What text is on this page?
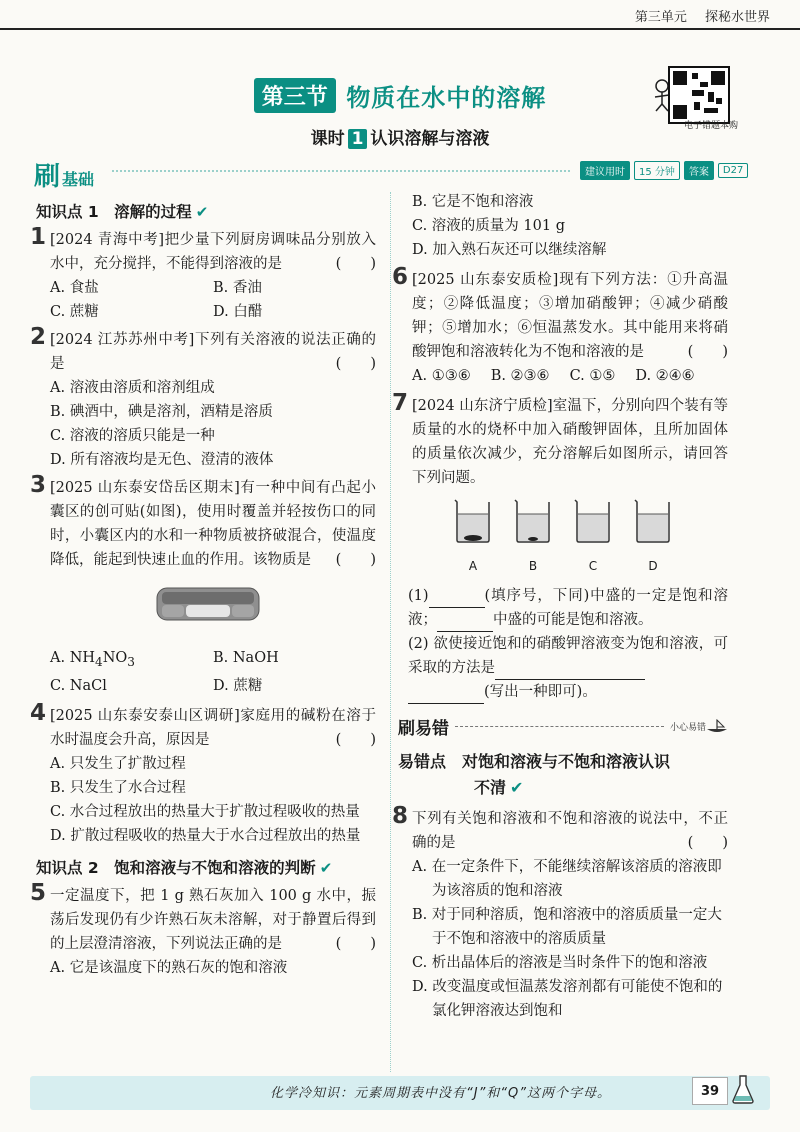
第三单元 探秘水世界
第三节 物质在水中的溶解
电子错题本购
课时 1 认识溶解与溶液
刷基础	建议用时	15 分钟	答案	D27
知识点 1　溶解的过程 ✔
1 [2024 青海中考]把少量下列厨房调味品分别放入水中，充分搅拌，不能得到溶液的是	(　　)
A. 食盐	B. 香油
C. 蔗糖	D. 白醋
2 [2024 江苏苏州中考]下列有关溶液的说法正确的是	(　　)
A. 溶液由溶质和溶剂组成
B. 碘酒中，碘是溶剂，酒精是溶质
C. 溶液的溶质只能是一种
D. 所有溶液均是无色、澄清的液体
3 [2025 山东泰安岱岳区期末]有一种中间有凸起小囊区的创可贴(如图)，使用时覆盖并轻按伤口的同时，小囊区内的水和一种物质被挤破混合，使温度降低，能起到快速止血的作用。该物质是 (　　)
A. $NH_4NO_3$	B. NaOH
C. NaCl	D. 蔗糖
4 [2025 山东泰安泰山区调研]家庭用的碱粉在溶于水时温度会升高，原因是	(　　)
A. 只发生了扩散过程
B. 只发生了水合过程
C. 水合过程放出的热量大于扩散过程吸收的热量
D. 扩散过程吸收的热量大于水合过程放出的热量
知识点 2　饱和溶液与不饱和溶液的判断 ✔
5 一定温度下，把 1 g 熟石灰加入 100 g 水中，振荡后发现仍有少许熟石灰未溶解，对于静置后得到的上层澄清溶液，下列说法正确的是	(　　)
A. 它是该温度下的熟石灰的饱和溶液
B. 它是不饱和溶液
C. 溶液的质量为 101 g
D. 加入熟石灰还可以继续溶解
6 [2025 山东泰安质检]现有下列方法：①升高温度；②降低温度；③增加硝酸钾；④减少硝酸钾；⑤增加水；⑥恒温蒸发水。其中能用来将硝酸钾饱和溶液转化为不饱和溶液的是	(　　)
A. ①③⑥ B. ②③⑥ C. ①⑤ D. ②④⑥
7 [2024 山东济宁质检]室温下，分别向四个装有等质量的水的烧杯中加入硝酸钾固体，且所加固体的质量依次减少，充分溶解后如图所示，请回答下列问题。
A	B	C	D
(1)	(填序号，下同)中盛的一定是饱和溶液；	中盛的可能是饱和溶液。
(2) 欲使接近饱和的硝酸钾溶液变为饱和溶液，可采取的方法是
(写出一种即可)。
刷易错	小心易错
易错点 对饱和溶液与不饱和溶液认识
不清 ✔
8 下列有关饱和溶液和不饱和溶液的说法中，不正确的是	(　　)
A. 在一定条件下，不能继续溶解该溶质的溶液即为该溶质的饱和溶液
B. 对于同种溶质，饱和溶液中的溶质质量一定大于不饱和溶液中的溶质质量
C. 析出晶体后的溶液是当时条件下的饱和溶液
D. 改变温度或恒温蒸发溶剂都有可能使不饱和的氯化钾溶液达到饱和
化学冷知识：元素周期表中没有“J”和“Q”这两个字母。	39
